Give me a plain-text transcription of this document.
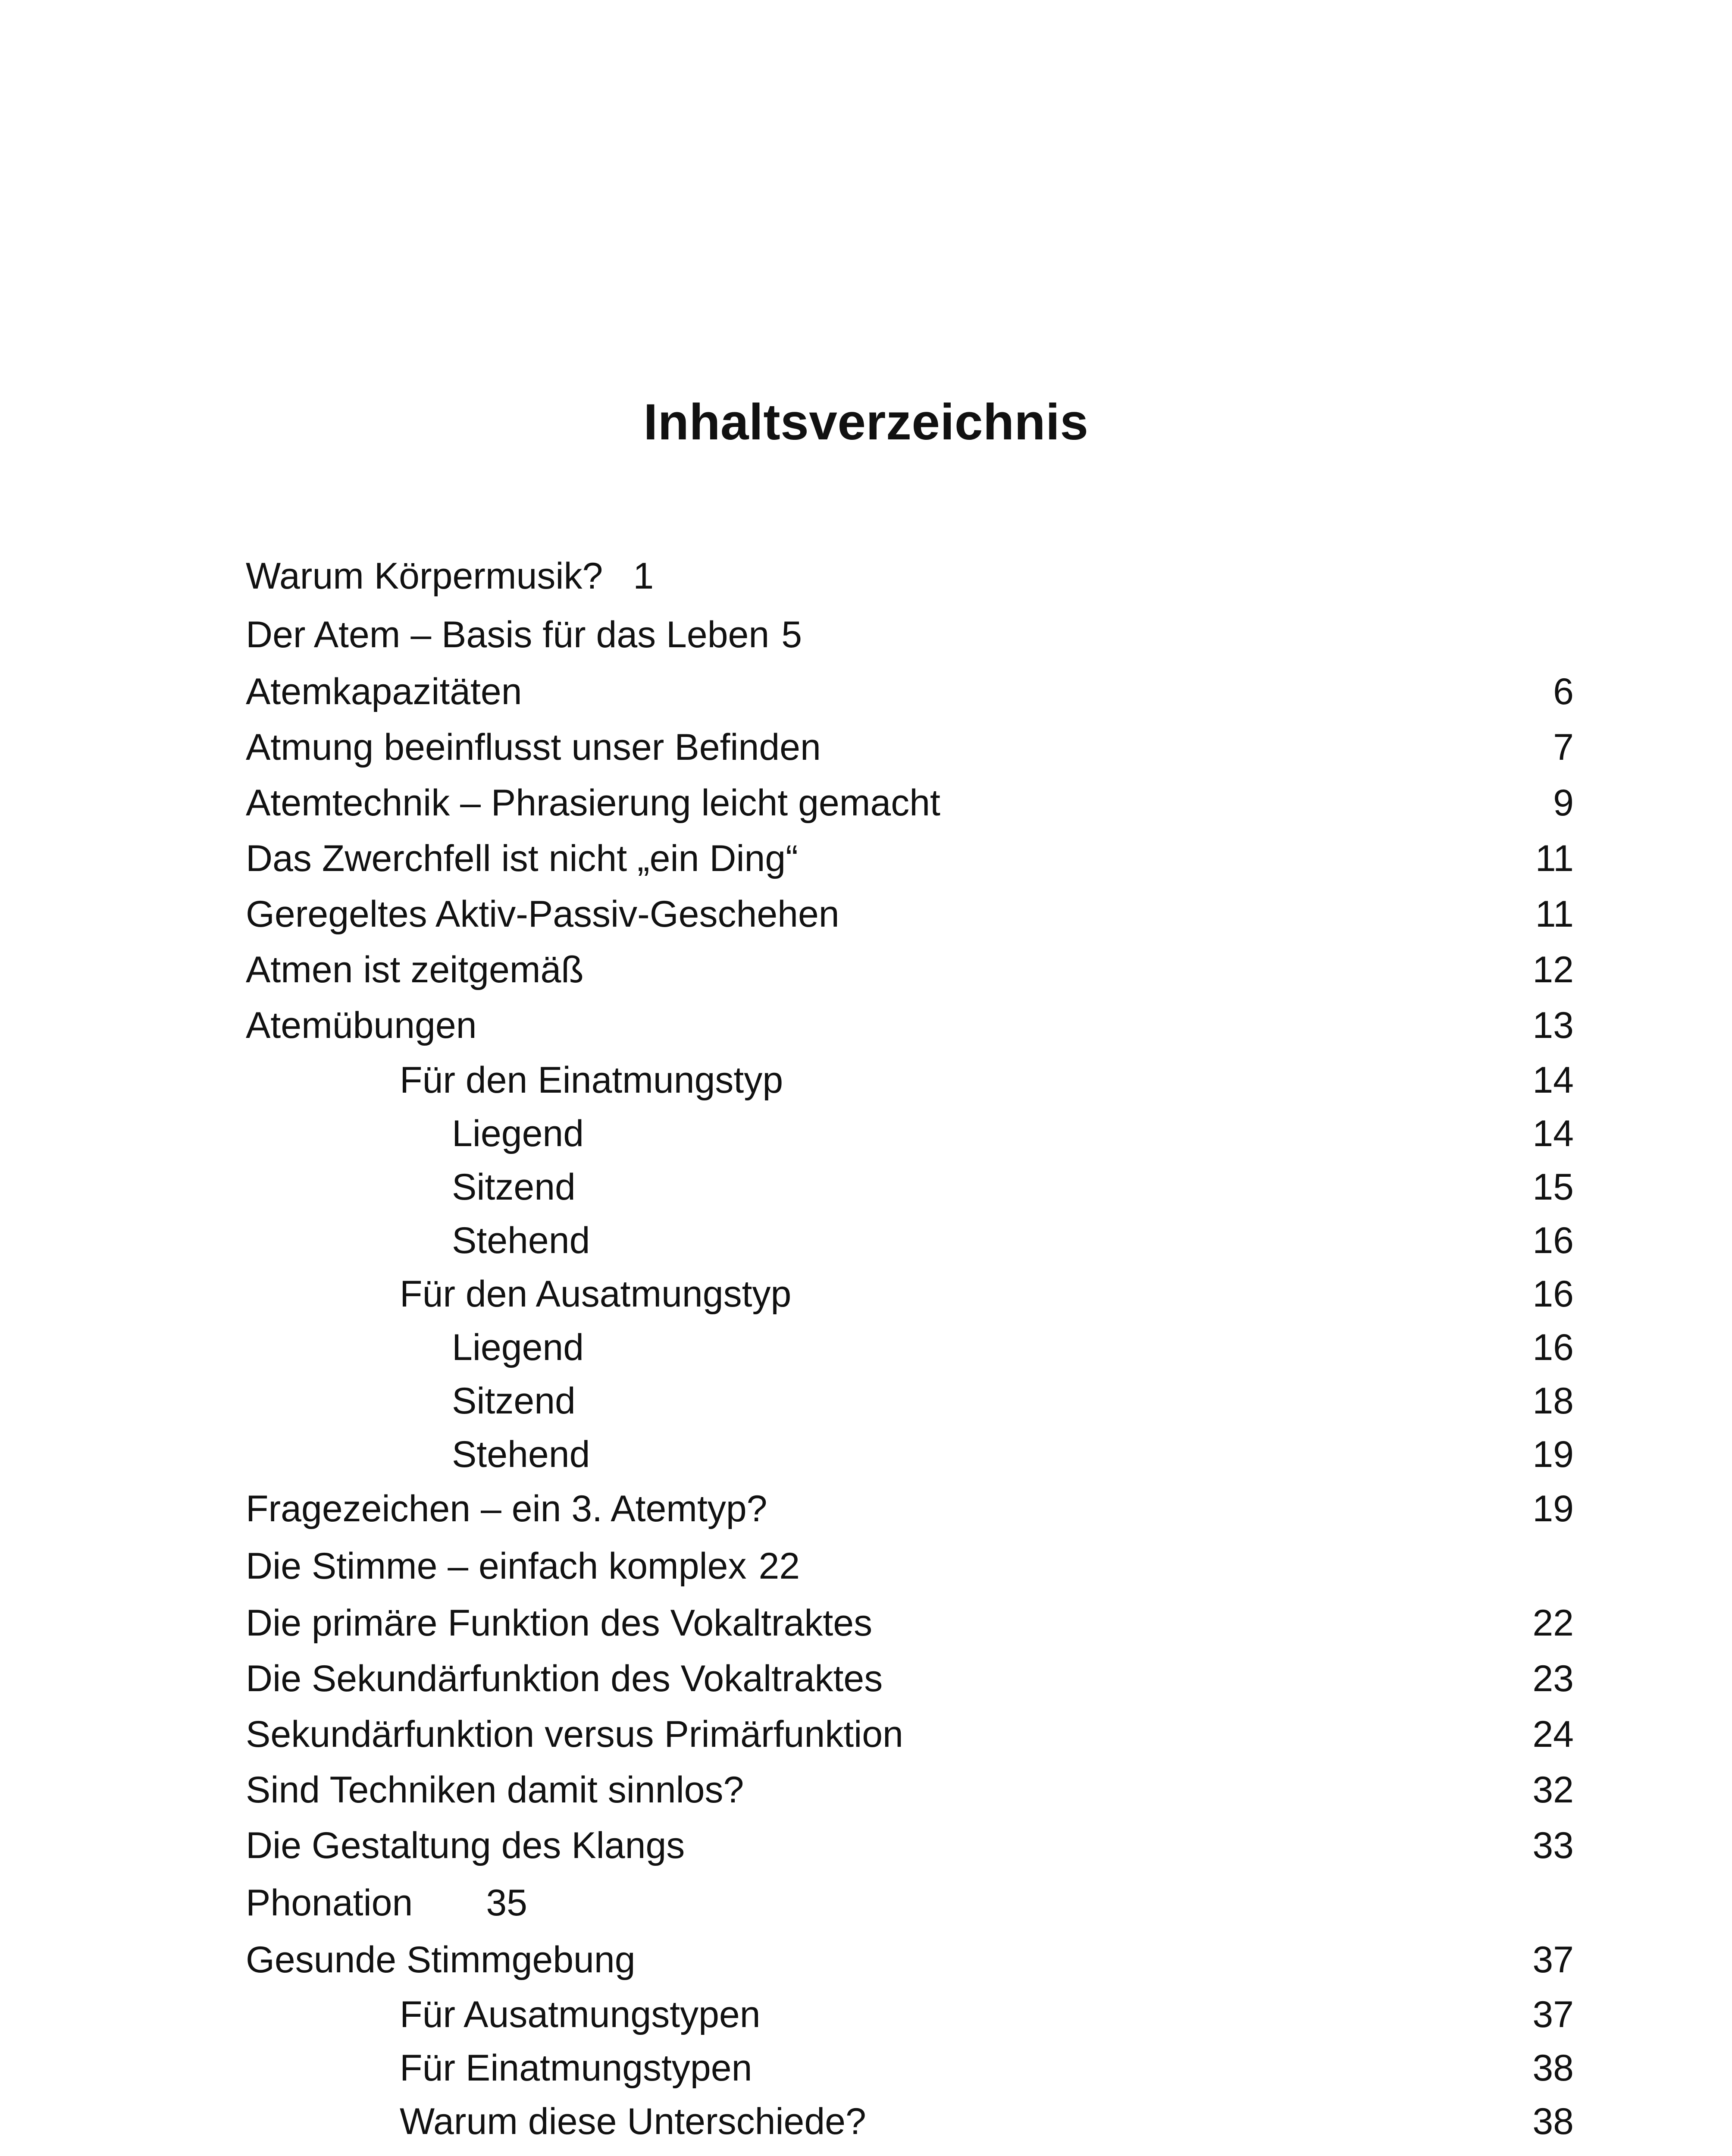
Inhaltsverzeichnis
Warum Körpermusik? 1
Der Atem – Basis für das Leben 5
Atemkapazitäten	6
Atmung beeinflusst unser Befinden	7
Atemtechnik – Phrasierung leicht gemacht	9
Das Zwerchfell ist nicht „ein Ding“	11
Geregeltes Aktiv-Passiv-Geschehen	11
Atmen ist zeitgemäß	12
Atemübungen	13
Für den Einatmungstyp	14
Liegend	14
Sitzend	15
Stehend	16
Für den Ausatmungstyp	16
Liegend	16
Sitzend	18
Stehend	19
Fragezeichen – ein 3. Atemtyp?	19
Die Stimme – einfach komplex 22
Die primäre Funktion des Vokaltraktes	22
Die Sekundärfunktion des Vokaltraktes	23
Sekundärfunktion versus Primärfunktion	24
Sind Techniken damit sinnlos?	32
Die Gestaltung des Klangs	33
Phonation 35
Gesunde Stimmgebung	37
Für Ausatmungstypen	37
Für Einatmungstypen	38
Warum diese Unterschiede?	38
